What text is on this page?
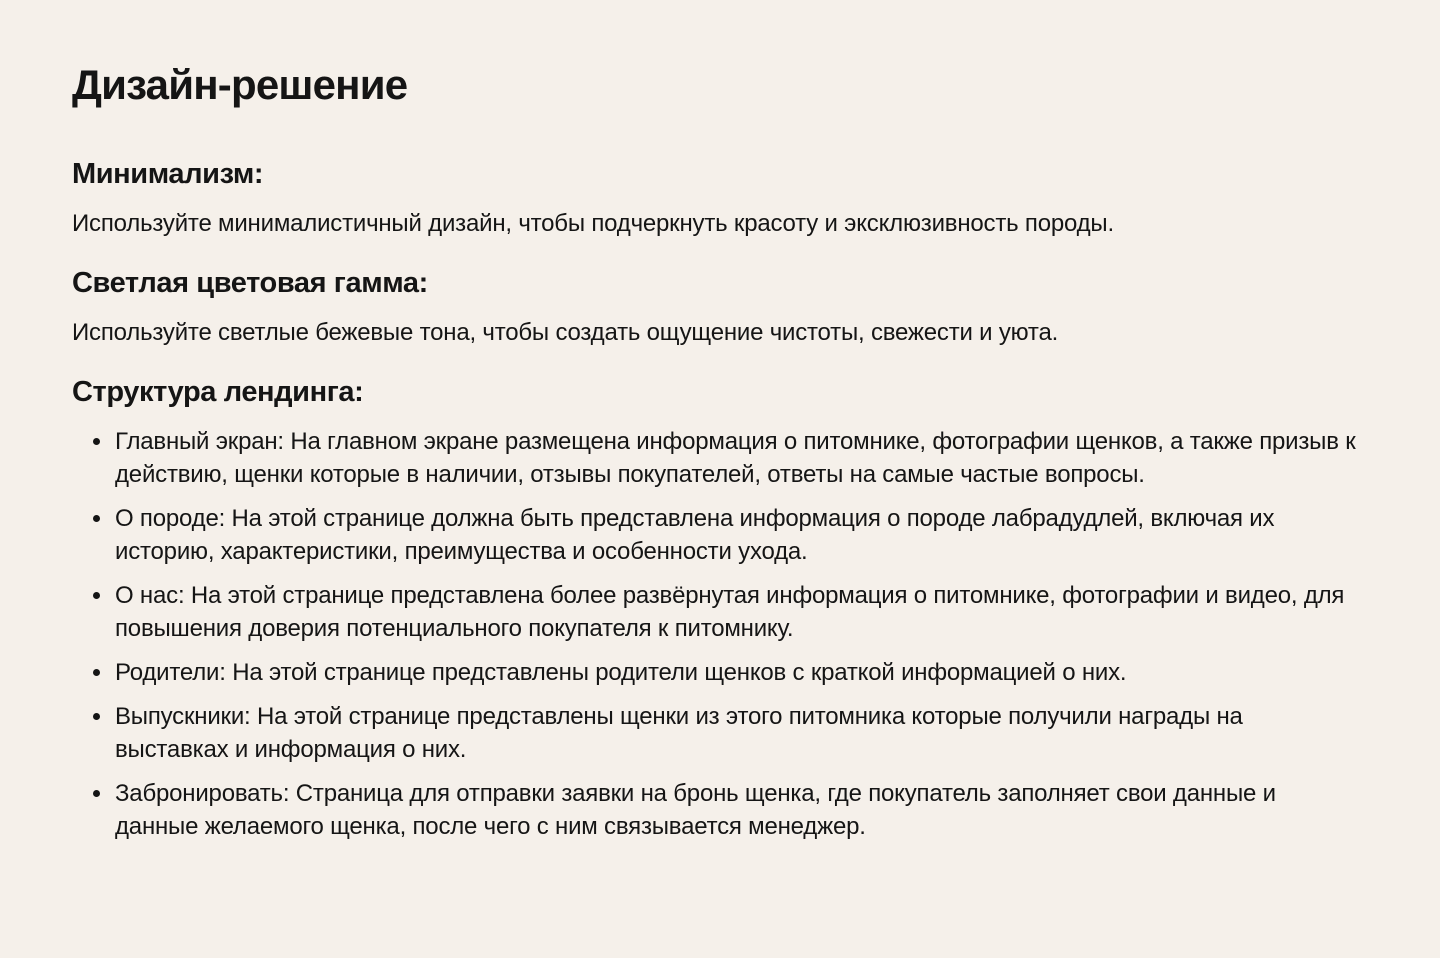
Дизайн-решение
Минимализм:

Используйте минималистичный дизайн, чтобы подчеркнуть красоту и эксклюзивность породы.

Светлая цветовая гамма:

Используйте светлые бежевые тона, чтобы создать ощущение чистоты, свежести и уюта.

Структура лендинга:
Главный экран: На главном экране размещена информация о питомнике, фотографии щенков, а также призыв к действию, щенки которые в наличии, отзывы покупателей, ответы на самые частые вопросы.
О породе: На этой странице должна быть представлена информация о породе лабрадудлей, включая их историю, характеристики, преимущества и особенности ухода.
О нас: На этой странице представлена более развёрнутая информация о питомнике, фотографии и видео, для повышения доверия потенциального покупателя к питомнику.
Родители: На этой странице представлены родители щенков с краткой информацией о них.
Выпускники: На этой странице представлены щенки из этого питомника которые получили награды на выставках и информация о них.
Забронировать: Страница для отправки заявки на бронь щенка, где покупатель заполняет свои данные и данные желаемого щенка, после чего с ним связывается менеджер.
